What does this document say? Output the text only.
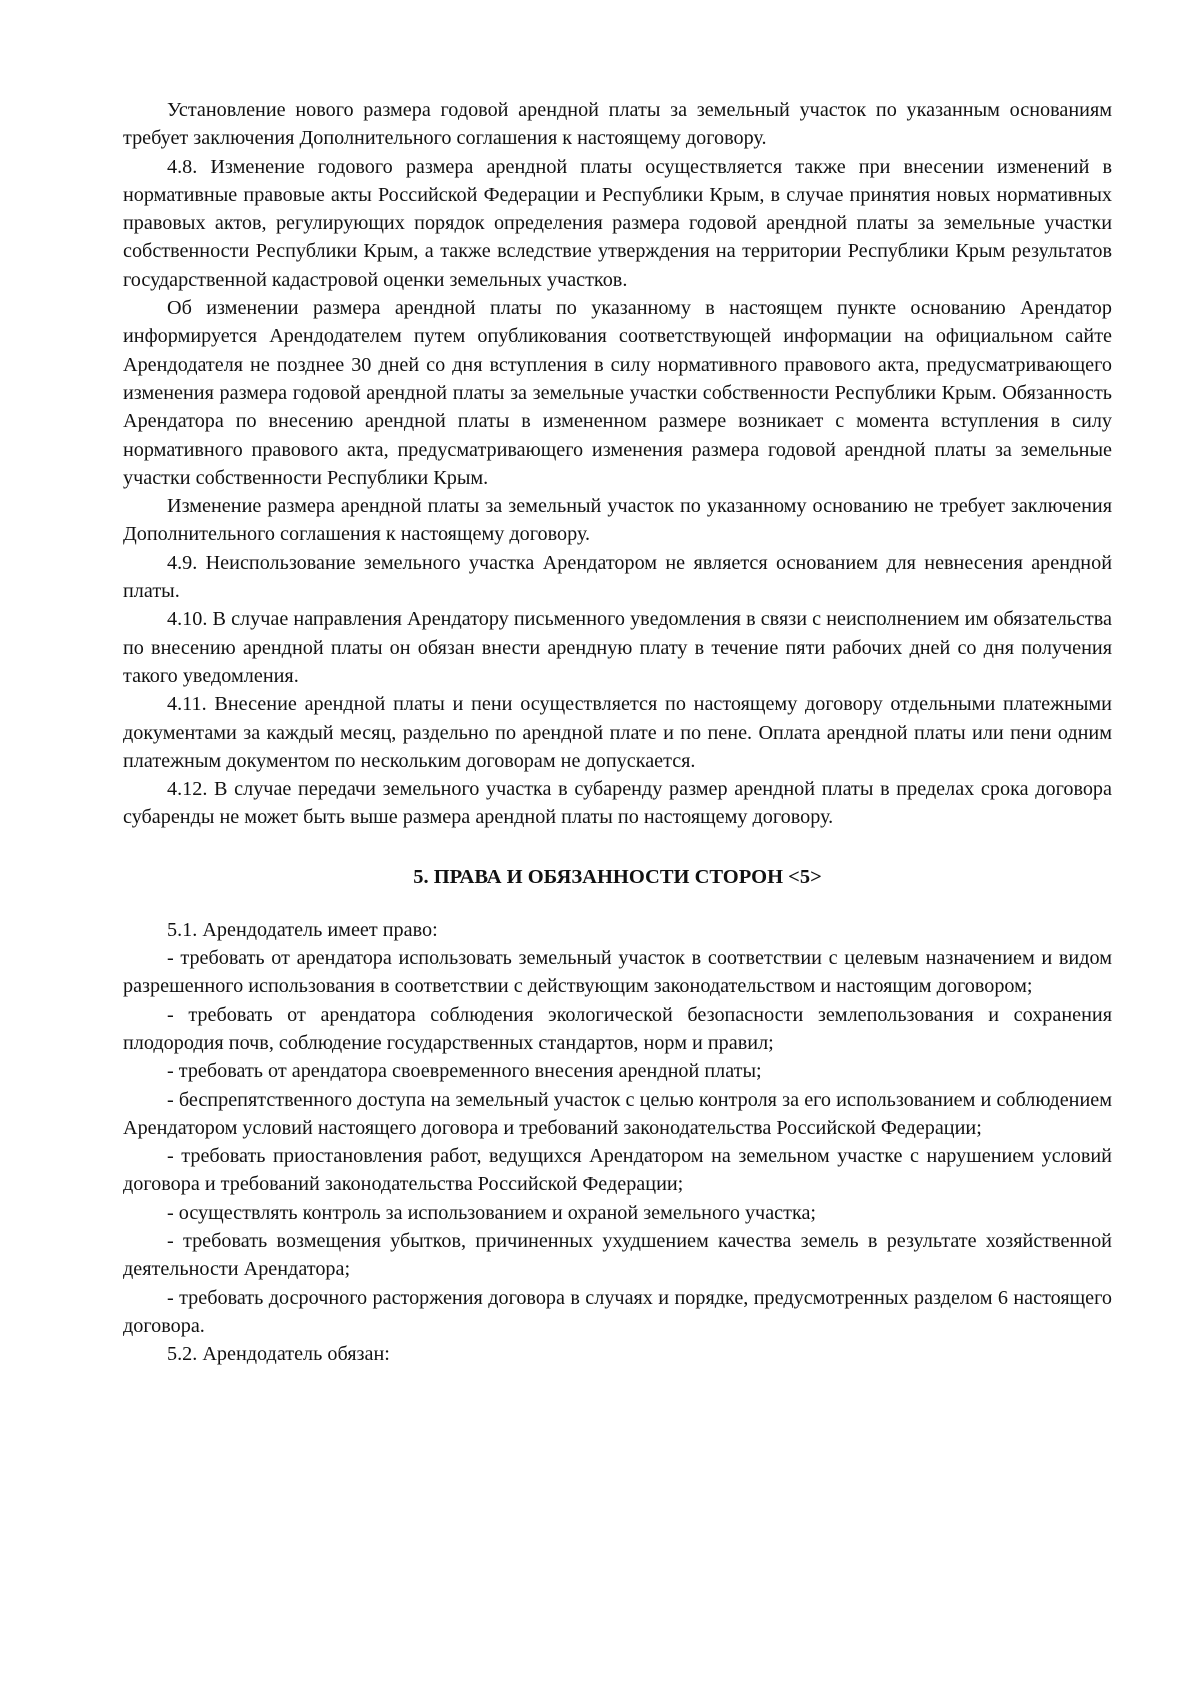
Установление нового размера годовой арендной платы за земельный участок по указанным основаниям требует заключения Дополнительного соглашения к настоящему договору.

4.8. Изменение годового размера арендной платы осуществляется также при внесении изменений в нормативные правовые акты Российской Федерации и Республики Крым, в случае принятия новых нормативных правовых актов, регулирующих порядок определения размера годовой арендной платы за земельные участки собственности Республики Крым, а также вследствие утверждения на территории Республики Крым результатов государственной кадастровой оценки земельных участков.

Об изменении размера арендной платы по указанному в настоящем пункте основанию Арендатор информируется Арендодателем путем опубликования соответствующей информации на официальном сайте Арендодателя не позднее 30 дней со дня вступления в силу нормативного правового акта, предусматривающего изменения размера годовой арендной платы за земельные участки собственности Республики Крым. Обязанность Арендатора по внесению арендной платы в измененном размере возникает с момента вступления в силу нормативного правового акта, предусматривающего изменения размера годовой арендной платы за земельные участки собственности Республики Крым.

Изменение размера арендной платы за земельный участок по указанному основанию не требует заключения Дополнительного соглашения к настоящему договору.

4.9. Неиспользование земельного участка Арендатором не является основанием для невнесения арендной платы.

4.10. В случае направления Арендатору письменного уведомления в связи с неисполнением им обязательства по внесению арендной платы он обязан внести арендную плату в течение пяти рабочих дней со дня получения такого уведомления.

4.11. Внесение арендной платы и пени осуществляется по настоящему договору отдельными платежными документами за каждый месяц, раздельно по арендной плате и по пене. Оплата арендной платы или пени одним платежным документом по нескольким договорам не допускается.

4.12. В случае передачи земельного участка в субаренду размер арендной платы в пределах срока договора субаренды не может быть выше размера арендной платы по настоящему договору.

5. ПРАВА И ОБЯЗАННОСТИ СТОРОН <5>

5.1. Арендодатель имеет право:

- требовать от арендатора использовать земельный участок в соответствии с целевым назначением и видом разрешенного использования в соответствии с действующим законодательством и настоящим договором;

- требовать от арендатора соблюдения экологической безопасности землепользования и сохранения плодородия почв, соблюдение государственных стандартов, норм и правил;

- требовать от арендатора своевременного внесения арендной платы;

- беспрепятственного доступа на земельный участок с целью контроля за его использованием и соблюдением Арендатором условий настоящего договора и требований законодательства Российской Федерации;

- требовать приостановления работ, ведущихся Арендатором на земельном участке с нарушением условий договора и требований законодательства Российской Федерации;

- осуществлять контроль за использованием и охраной земельного участка;

- требовать возмещения убытков, причиненных ухудшением качества земель в результате хозяйственной деятельности Арендатора;

- требовать досрочного расторжения договора в случаях и порядке, предусмотренных разделом 6 настоящего договора.

5.2. Арендодатель обязан:
